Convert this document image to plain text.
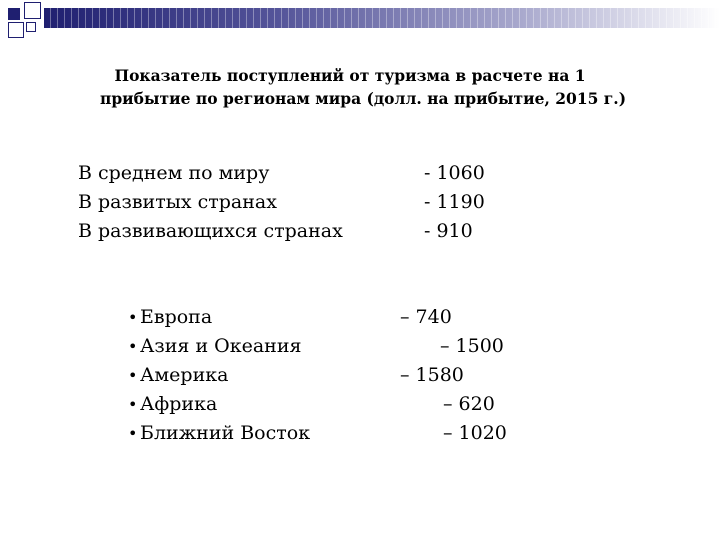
Показатель поступлений от туризма в расчете на 1
прибытие по регионам мира (долл. на прибытие, 2015 г.)
В среднем по миру	- 1060
В развитых странах	- 1190
В развивающихся странах	- 910
• Европа	– 740
• Азия и Океания	– 1500
• Америка	– 1580
• Африка	– 620
• Ближний Восток	– 1020
